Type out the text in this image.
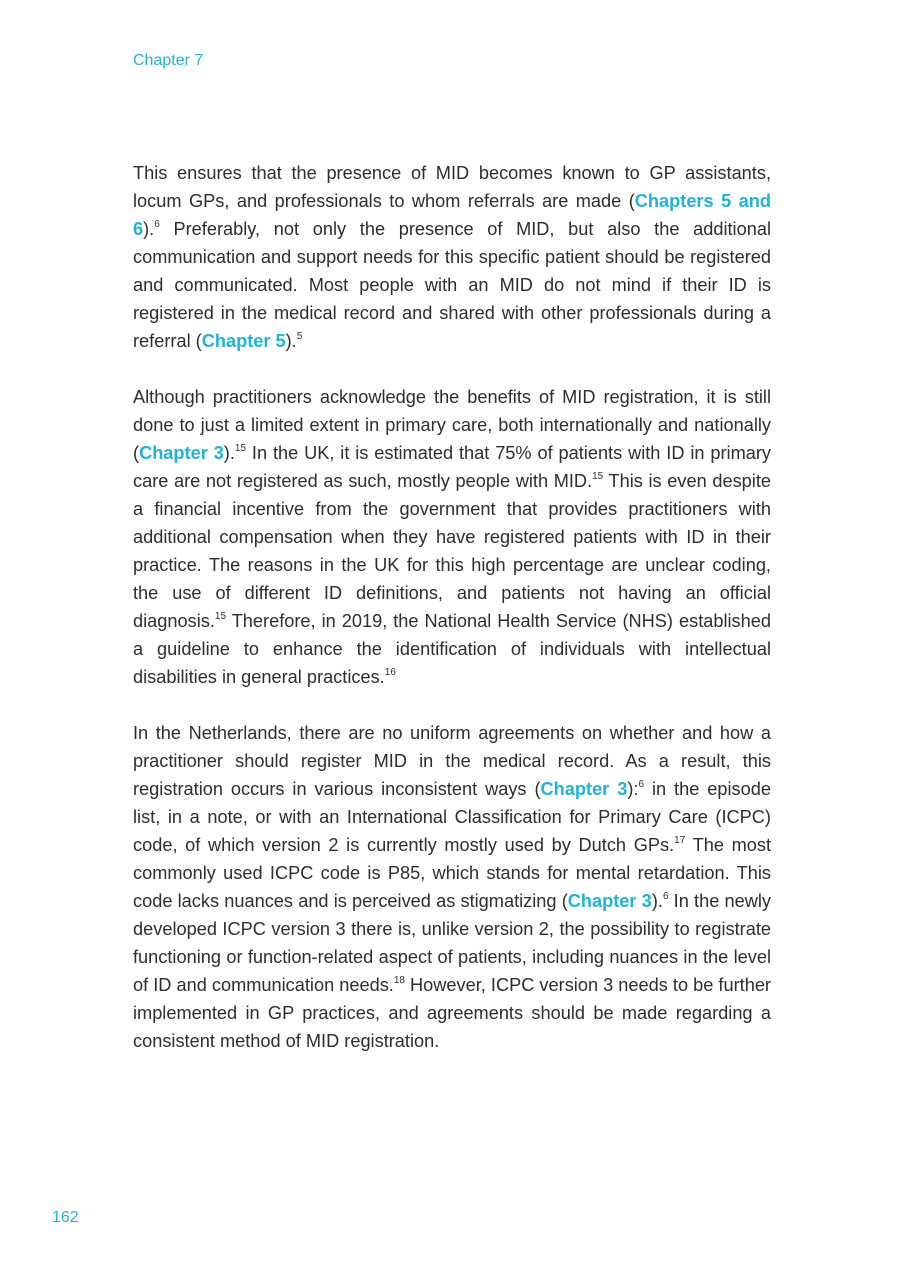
Chapter 7

This ensures that the presence of MID becomes known to GP assistants, locum GPs, and professionals to whom referrals are made (Chapters 5 and 6).$^6$ Preferably, not only the presence of MID, but also the additional communication and support needs for this specific patient should be registered and communicated. Most people with an MID do not mind if their ID is registered in the medical record and shared with other professionals during a referral (Chapter 5).$^5$

Although practitioners acknowledge the benefits of MID registration, it is still done to just a limited extent in primary care, both internationally and nationally (Chapter 3).$^{15}$ In the UK, it is estimated that 75% of patients with ID in primary care are not registered as such, mostly people with MID.$^{15}$ This is even despite a financial incentive from the government that provides practitioners with additional compensation when they have registered patients with ID in their practice. The reasons in the UK for this high percentage are unclear coding, the use of different ID definitions, and patients not having an official diagnosis.$^{15}$ Therefore, in 2019, the National Health Service (NHS) established a guideline to enhance the identification of individuals with intellectual disabilities in general practices.$^{16}$

In the Netherlands, there are no uniform agreements on whether and how a practitioner should register MID in the medical record. As a result, this registration occurs in various inconsistent ways (Chapter 3):$^6$ in the episode list, in a note, or with an International Classification for Primary Care (ICPC) code, of which version 2 is currently mostly used by Dutch GPs.$^{17}$ The most commonly used ICPC code is P85, which stands for mental retardation. This code lacks nuances and is perceived as stigmatizing (Chapter 3).$^6$ In the newly developed ICPC version 3 there is, unlike version 2, the possibility to registrate functioning or function-related aspect of patients, including nuances in the level of ID and communication needs.$^{18}$ However, ICPC version 3 needs to be further implemented in GP practices, and agreements should be made regarding a consistent method of MID registration.

162
